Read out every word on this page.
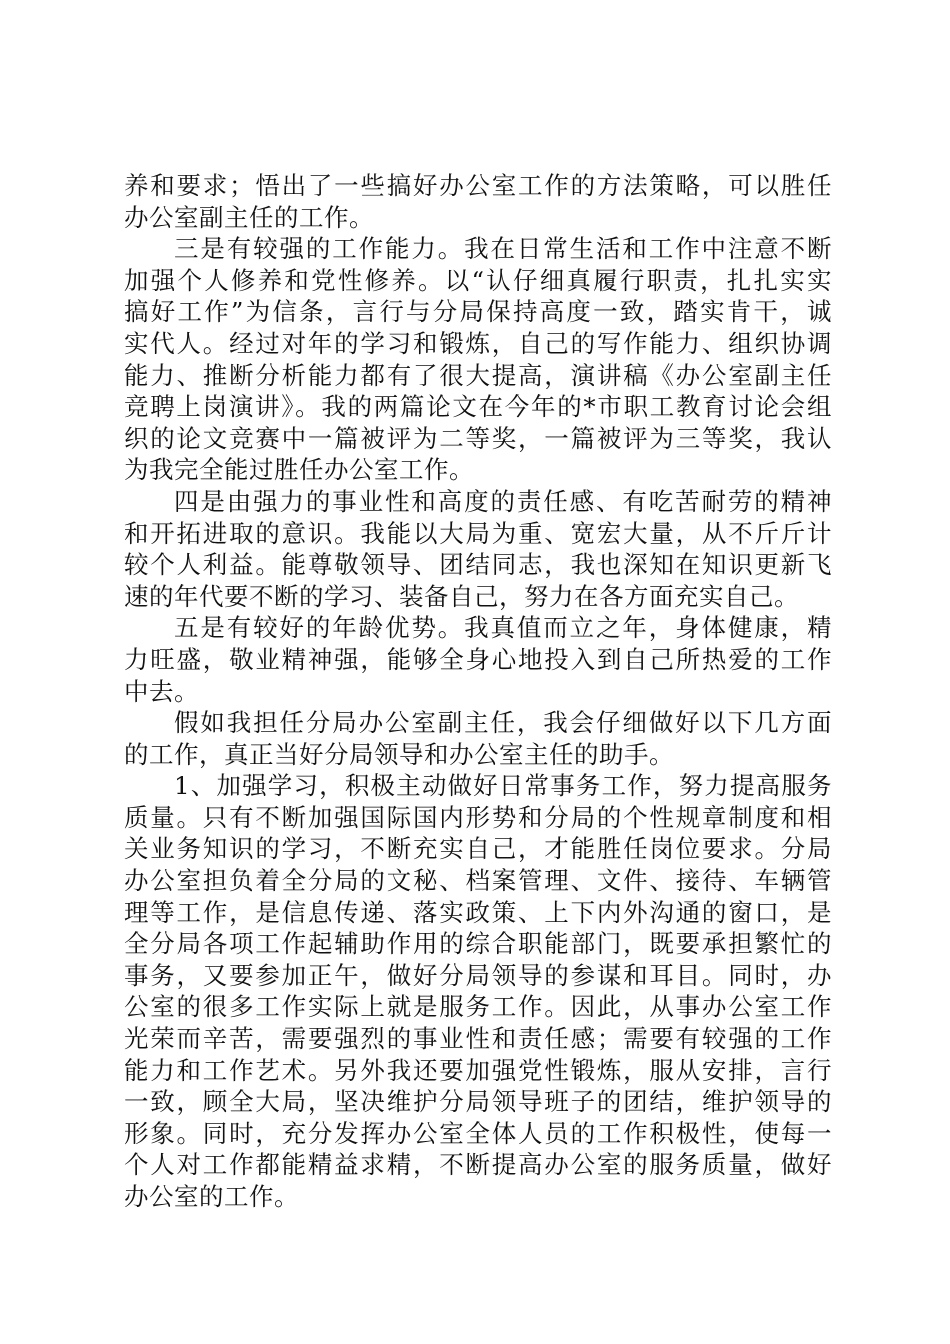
养和要求；悟出了一些搞好办公室工作的方法策略，可以胜任
办公室副主任的工作。
三是有较强的工作能力。我在日常生活和工作中注意不断
加强个人修养和党性修养。以“认仔细真履行职责，扎扎实实
搞好工作”为信条，言行与分局保持高度一致，踏实肯干，诚
实代人。经过对年的学习和锻炼，自己的写作能力、组织协调
能力、推断分析能力都有了很大提高，演讲稿《办公室副主任
竞聘上岗演讲》。我的两篇论文在今年的*市职工教育讨论会组
织的论文竞赛中一篇被评为二等奖，一篇被评为三等奖，我认
为我完全能过胜任办公室工作。
四是由强力的事业性和高度的责任感、有吃苦耐劳的精神
和开拓进取的意识。我能以大局为重、宽宏大量，从不斤斤计
较个人利益。能尊敬领导、团结同志，我也深知在知识更新飞
速的年代要不断的学习、装备自己，努力在各方面充实自己。
五是有较好的年龄优势。我真值而立之年，身体健康，精
力旺盛，敬业精神强，能够全身心地投入到自己所热爱的工作
中去。
假如我担任分局办公室副主任，我会仔细做好以下几方面
的工作，真正当好分局领导和办公室主任的助手。
1、加强学习，积极主动做好日常事务工作，努力提高服务
质量。只有不断加强国际国内形势和分局的个性规章制度和相
关业务知识的学习，不断充实自己，才能胜任岗位要求。分局
办公室担负着全分局的文秘、档案管理、文件、接待、车辆管
理等工作，是信息传递、落实政策、上下内外沟通的窗口，是
全分局各项工作起辅助作用的综合职能部门，既要承担繁忙的
事务，又要参加正午，做好分局领导的参谋和耳目。同时，办
公室的很多工作实际上就是服务工作。因此，从事办公室工作
光荣而辛苦，需要强烈的事业性和责任感；需要有较强的工作
能力和工作艺术。另外我还要加强党性锻炼，服从安排，言行
一致，顾全大局，坚决维护分局领导班子的团结，维护领导的
形象。同时，充分发挥办公室全体人员的工作积极性，使每一
个人对工作都能精益求精，不断提高办公室的服务质量，做好
办公室的工作。
